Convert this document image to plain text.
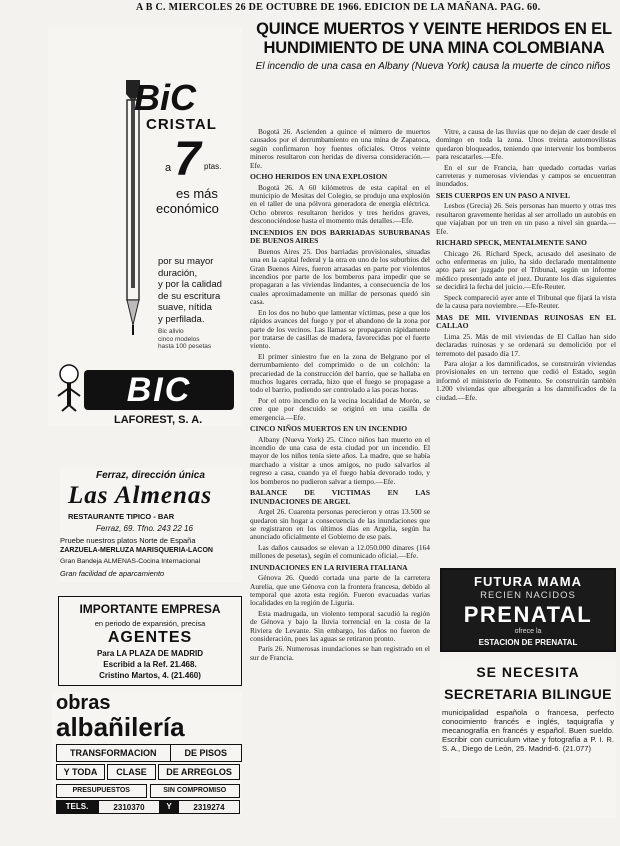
A B C. MIERCOLES 26 DE OCTUBRE DE 1966. EDICION DE LA MAÑANA. PAG. 60.
BiC
CRISTAL
a 7 ptas.
es más
económico
por su mayor
duración,
y por la calidad
de su escritura
suave, nítida
y perfilada.
Bic alivio
cinco modelos
hasta 100 pesetas
BIC
LAFOREST, S. A.
Ferraz, dirección única
Las Almenas
RESTAURANTE TIPICO - BAR
Ferraz, 69. Tfno. 243 22 16
Pruebe nuestros platos Norte de España
ZARZUELA-MERLUZA MARISQUERIA-LACON
Gran Bandeja ALMENAS-Cocina Internacional
Gran facilidad de aparcamiento
IMPORTANTE EMPRESA
en periodo de expansión, precisa
AGENTES
Para LA PLAZA DE MADRID
Escribid a la Ref. 21.468.
Cristino Martos, 4. (21.460)
obras
albañilería
TRANSFORMACION	DE PISOS
Y TODA	CLASE	DE ARREGLOS
PRESUPUESTOS	SIN COMPROMISO
TELS.	2310370	Y	2319274
QUINCE MUERTOS Y VEINTE HERIDOS EN EL HUNDIMIENTO DE UNA MINA COLOMBIANA
El incendio de una casa en Albany (Nueva York) causa la muerte de cinco niños

Bogotá 26. Ascienden a quince el número de muertos causados por el derrumbamiento en una mina de Zapatoca, según confirmaron hoy fuentes oficiales. Otros veinte mineros resultaron con heridas de diversa consideración.—Efe.

OCHO HERIDOS EN UNA EXPLOSION

Bogotá 26. A 60 kilómetros de esta capital en el municipio de Mesitas del Colegio, se produjo una explosión en el taller de una pólvora generadora de energía eléctrica. Ocho obreros resultaron heridos y tres heridos graves, desconociéndose hasta el momento más detalles.—Efe.

INCENDIOS EN DOS BARRIADAS SUBURBANAS DE BUENOS AIRES

Buenos Aires 25. Dos barriadas provisionales, situadas una en la capital federal y la otra en uno de los suburbios del Gran Buenos Aires, fueron arrasadas en parte por violentos incendios por parte de los bomberos para impedir que se propagaran a las viviendas lindantes, a consecuencia de los cuales aproximadamente un millar de personas quedó sin casa.

En los dos no hubo que lamentar víctimas, pese a que los rápidos avances del fuego y por el abandono de la zona por parte de los vecinos. Las llamas se propagaron rápidamente por tratarse de casillas de madera, favorecidas por el fuerte viento.

El primer siniestro fue en la zona de Belgrano por el derrumbamiento del comprimido o de un colchón: la precariedad de la construcción del barrio, que se hallaba en muchos lugares cerrada, hizo que el fuego se propagase a todo el barrio, pudiendo ser controlado a las pocas horas.

Por el otro incendio en la vecina localidad de Morón, se cree que por descuido se originó en una casilla de emergencia.—Efe.

CINCO NIÑOS MUERTOS EN UN INCENDIO

Albany (Nueva York) 25. Cinco niños han muerto en el incendio de una casa de esta ciudad por un incendio. El mayor de los niños tenía siete años. La madre, que se había marchado a visitar a unos amigos, no pudo salvarlos al regreso a casa, cuando ya el fuego había devorado todo, y los bomberos no pudieron salvar a tiempo.—Efe.

BALANCE DE VICTIMAS EN LAS INUNDACIONES DE ARGEL

Argel 26. Cuarenta personas perecieron y otras 13.500 se quedaron sin hogar a consecuencia de las inundaciones que se registraron en los últimos días en Argelia, según ha anunciado oficialmente el Gobierno de ese país.

Las daños causados se elevan a 12.050.000 dinares (164 millones de pesetas), según el comunicado oficial.—Efe.

INUNDACIONES EN LA RIVIERA ITALIANA

Génova 26. Quedó cortada una parte de la carretera Aurelia, que une Génova con la frontera francesa, debido al temporal que azota esta región. Fueron evacuadas varias localidades en la región de Liguria.

Esta madrugada, un violento temporal sacudió la región de Génova y bajo la lluvia torrencial en la costa de la Riviera de Levante. Sin embargo, los daños no fueron de consideración, pues las aguas se retiraron pronto.

París 26. Numerosas inundaciones se han registrado en el sur de Francia.

Vitre, a causa de las lluvias que no dejan de caer desde el domingo en toda la zona. Unos treinta automovilistas quedaron bloqueados, teniendo que intervenir los bomberos para rescatarles.—Efe.

En el sur de Francia, han quedado cortadas varias carreteras y numerosas viviendas y campos se encuentran inundados.

SEIS CUERPOS EN UN PASO A NIVEL

Lesbos (Grecia) 26. Seis personas han muerto y otras tres resultaron gravemente heridas al ser arrollado un autobús en que viajaban por un tren en un paso a nivel sin guarda.—Efe.

RICHARD SPECK, MENTALMENTE SANO

Chicago 26. Richard Speck, acusado del asesinato de ocho enfermeras en julio, ha sido declarado mentalmente apto para ser juzgado por el Tribunal, según un informe médico presentado ante el juez. Durante los días siguientes se decidirá la fecha del juicio.—Efe-Reuter.

Speck compareció ayer ante el Tribunal que fijará la vista de la causa para noviembre.—Efe-Reuter.

MAS DE MIL VIVIENDAS RUINOSAS EN EL CALLAO

Lima 25. Más de mil viviendas de El Callao han sido declaradas ruinosas y se ordenará su demolición por el terremoto del pasado día 17.

Para alojar a los damnificados, se construirán viviendas provisionales en un terreno que cedió el Estado, según informó el ministerio de Fomento. Se construirán también 1.200 viviendas que albergarán a los damnificados de la ciudad.—Efe.

FUTURA MAMA
RECIEN NACIDOS
PRENATAL
ofrece la
ESTACION DE PRENATAL
SE NECESITA
SECRETARIA BILINGUE
municipalidad española o francesa, perfecto conocimiento francés e inglés, taquigrafía y mecanografía en francés y español. Buen sueldo. Escribir con curriculum vitae y fotografía a P. I. R. S. A., Diego de León, 25. Madrid-6. (21.077)
